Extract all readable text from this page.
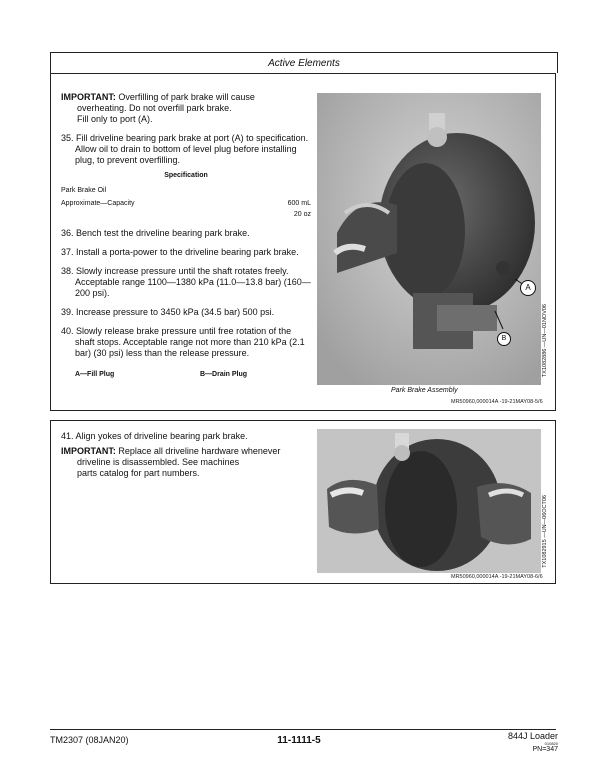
Active Elements
IMPORTANT: Overfilling of park brake will cause
overheating. Do not overfill park brake.
Fill only to port (A).
35. Fill driveline bearing park brake at port (A) to specification. Allow oil to drain to bottom of level plug before installing plug, to prevent overfilling.
Specification
Park Brake Oil
Approximate—Capacity	600 mL
20 oz
36. Bench test the driveline bearing park brake.
37. Install a porta-power to the driveline bearing park brake.
38. Slowly increase pressure until the shaft rotates freely. Acceptable range 1100—1380 kPa (11.0—13.8 bar) (160—200 psi).
39. Increase pressure to 3450 kPa (34.5 bar) 500 psi.
40. Slowly release brake pressure until free rotation of the shaft stops. Acceptable range not more than 210 kPa (2.1 bar) (30 psi) less than the release pressure.
A—Fill Plug	B—Drain Plug
A
B	TX1082886 —UN—01NOV06
Park Brake Assembly
MR50960,000014A -19-21MAY08-5/6
41. Align yokes of driveline bearing park brake.
IMPORTANT: Replace all driveline hardware whenever
driveline is disassembled. See machines
parts catalog for part numbers.
TX1082915 —UN—06OCT06
MR50960,000014A -19-21MAY08-6/6
TM2307 (08JAN20)	11-1111-5	844J Loader
010820
PN=347
